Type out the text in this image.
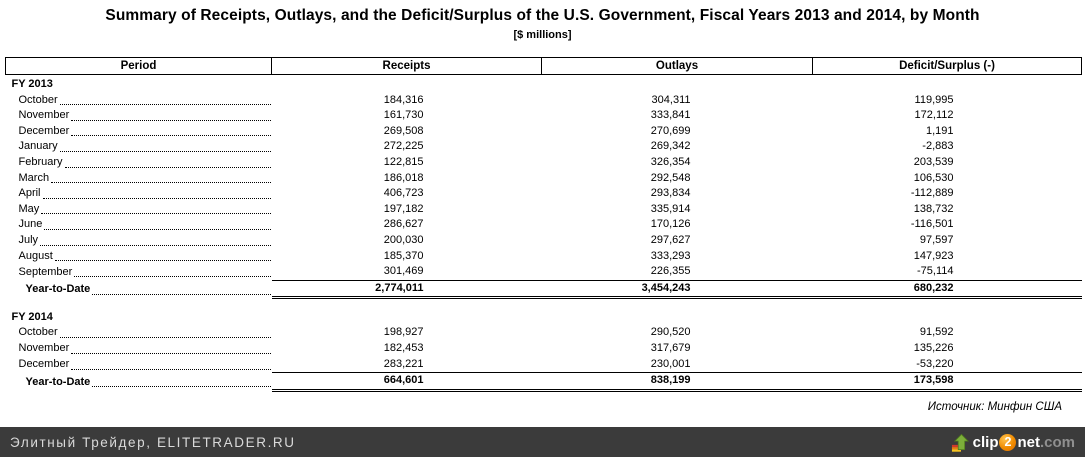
Summary of Receipts, Outlays, and the Deficit/Surplus of the U.S. Government, Fiscal Years 2013 and 2014, by Month
[$ millions]
Period	Receipts	Outlays	Deficit/Surplus (-)
FY 2013			

October	184,316	304,311	119,995

November	161,730	333,841	172,112

December	269,508	270,699	1,191

January	272,225	269,342	-2,883

February	122,815	326,354	203,539

March	186,018	292,548	106,530

April	406,723	293,834	-112,889

May	197,182	335,914	138,732

June	286,627	170,126	-116,501

July	200,030	297,627	97,597

August	185,370	333,293	147,923

September	301,469	226,355	-75,114

Year-to-Date	2,774,011	3,454,243	680,232

FY 2014			

October	198,927	290,520	91,592

November	182,453	317,679	135,226

December	283,221	230,001	-53,220

Year-to-Date	664,601	838,199	173,598
Источник: Минфин США
Элитный Трейдер, ELITETRADER.RU	clip 2 net .com
